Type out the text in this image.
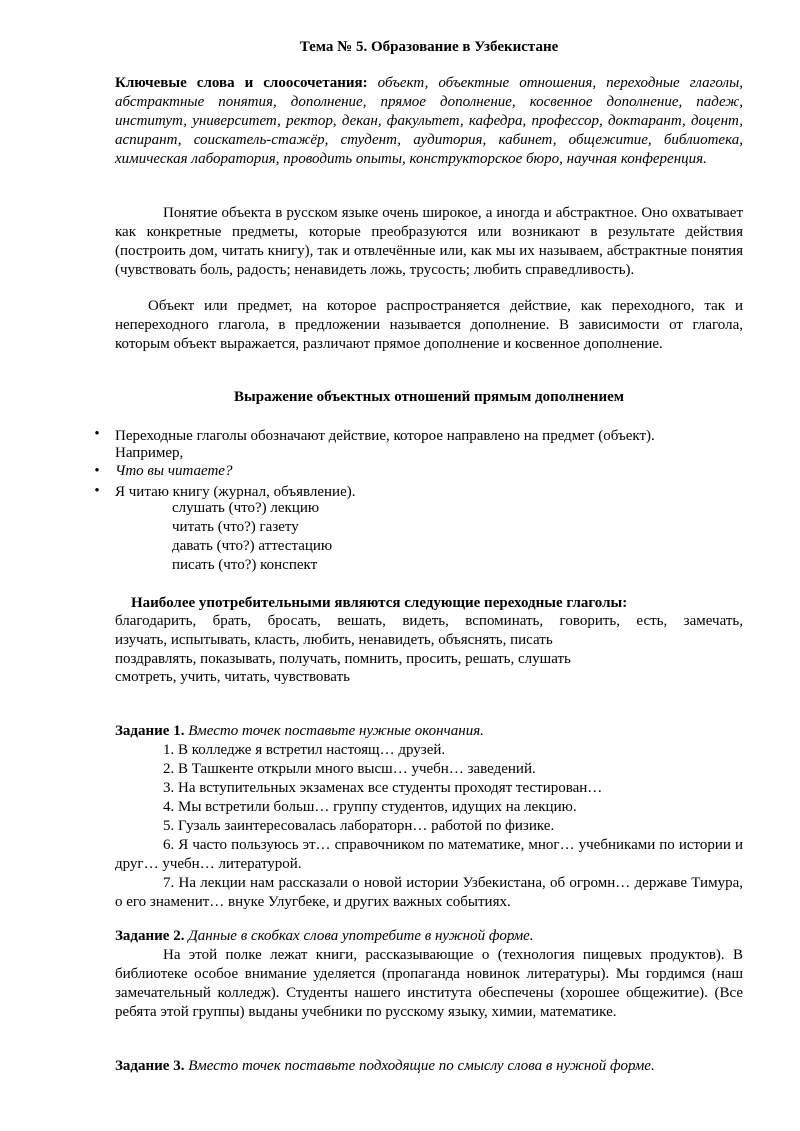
Тема № 5. Образование в Узбекистане
Ключевые слова и слоосочетания: объект, объектные отношения, переходные глаголы, абстрактные понятия, дополнение, прямое дополнение, косвенное дополнение, падеж, институт, университет, ректор, декан, факультет, кафедра, профессор, доктарант, доцент, аспирант, соискатель-стажёр, студент, аудитория, кабинет, общежитие, библиотека, химическая лаборатория, проводить опыты, конструкторское бюро, научная конференция.
Понятие объекта в русском языке очень широкое, а иногда и абстрактное. Оно охватывает как конкретные предметы, которые преобразуются или возникают в результате действия (построить дом, читать книгу), так и отвлечённые или, как мы их называем, абстрактные понятия (чувствовать боль, радость; ненавидеть ложь, трусость; любить справедливость).
Объект или предмет, на которое распространяется действие, как переходного, так и непереходного глагола, в предложении называется дополнение. В зависимости от глагола, которым объект выражается, различают прямое дополнение и косвенное дополнение.
Выражение объектных отношений прямым дополнением
• Переходные глаголы обозначают действие, которое направлено на предмет (объект).
Например,
• Что вы читаете?
• Я читаю книгу (журнал, объявление).
слушать (что?) лекцию
читать (что?) газету
давать (что?) аттестацию
писать (что?) конспект
Наиболее употребительными являются следующие переходные глаголы:
благодарить, брать, бросать, вешать, видеть, вспоминать, говорить, есть, замечать,
изучать, испытывать, класть, любить, ненавидеть, объяснять, писать
поздравлять, показывать, получать, помнить, просить, решать, слушать
смотреть, учить, читать, чувствовать
Задание 1. Вместо точек поставьте нужные окончания.
1. В колледже я встретил настоящ… друзей.
2. В Ташкенте открыли много высш… учебн… заведений.
3. На вступительных экзаменах все студенты проходят тестирован…
4. Мы встретили больш… группу студентов, идущих на лекцию.
5. Гузаль заинтересовалась лабораторн… работой по физике.
6. Я часто пользуюсь эт… справочником по математике, мног… учебниками по истории и друг… учебн… литературой.
7. На лекции нам рассказали о новой истории Узбекистана, об огромн… державе Тимура, о его знаменит… внуке Улугбеке, и других важных событиях.
Задание 2. Данные в скобках слова употребите в нужной форме.
На этой полке лежат книги, рассказывающие о (технология пищевых продуктов). В библиотеке особое внимание уделяется (пропаганда новинок литературы). Мы гордимся (наш замечательный колледж). Студенты нашего института обеспечены (хорошее общежитие). (Все ребята этой группы) выданы учебники по русскому языку, химии, математике.
Задание 3. Вместо точек поставьте подходящие по смыслу слова в нужной форме.
